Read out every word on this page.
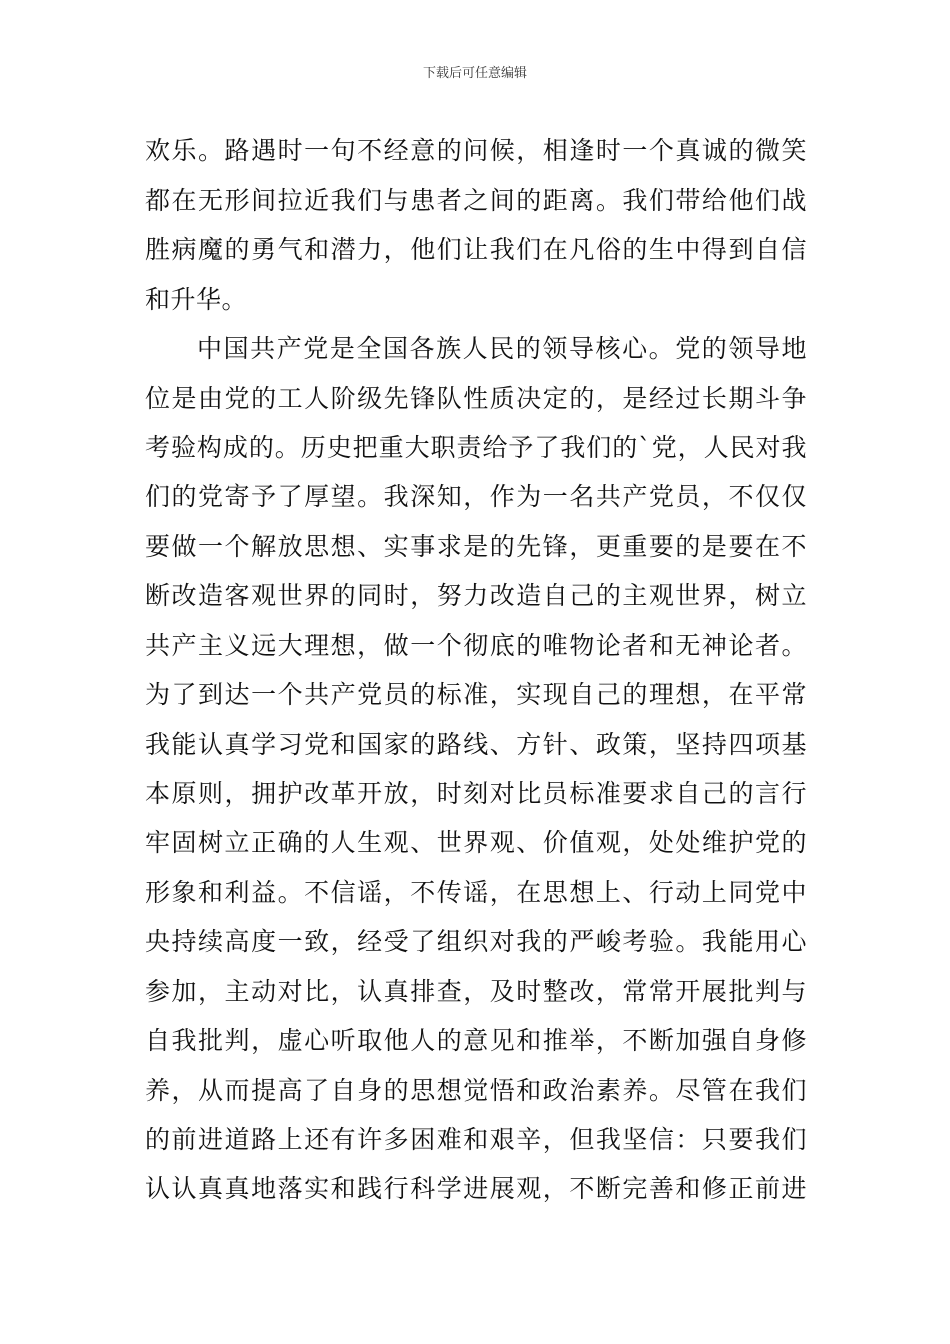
下载后可任意编辑
欢乐。路遇时一句不经意的问候，相逢时一个真诚的微笑
都在无形间拉近我们与患者之间的距离。我们带给他们战
胜病魔的勇气和潜力，他们让我们在凡俗的生中得到自信
和升华。
中国共产党是全国各族人民的领导核心。党的领导地
位是由党的工人阶级先锋队性质决定的，是经过长期斗争
考验构成的。历史把重大职责给予了我们的`党，人民对我
们的党寄予了厚望。我深知，作为一名共产党员，不仅仅
要做一个解放思想、实事求是的先锋，更重要的是要在不
断改造客观世界的同时，努力改造自己的主观世界，树立
共产主义远大理想，做一个彻底的唯物论者和无神论者。
为了到达一个共产党员的标准，实现自己的理想，在平常
我能认真学习党和国家的路线、方针、政策，坚持四项基
本原则，拥护改革开放，时刻对比员标准要求自己的言行
牢固树立正确的人生观、世界观、价值观，处处维护党的
形象和利益。不信谣，不传谣，在思想上、行动上同党中
央持续高度一致，经受了组织对我的严峻考验。我能用心
参加，主动对比，认真排查，及时整改，常常开展批判与
自我批判，虚心听取他人的意见和推举，不断加强自身修
养，从而提高了自身的思想觉悟和政治素养。尽管在我们
的前进道路上还有许多困难和艰辛，但我坚信：只要我们
认认真真地落实和践行科学进展观，不断完善和修正前进
